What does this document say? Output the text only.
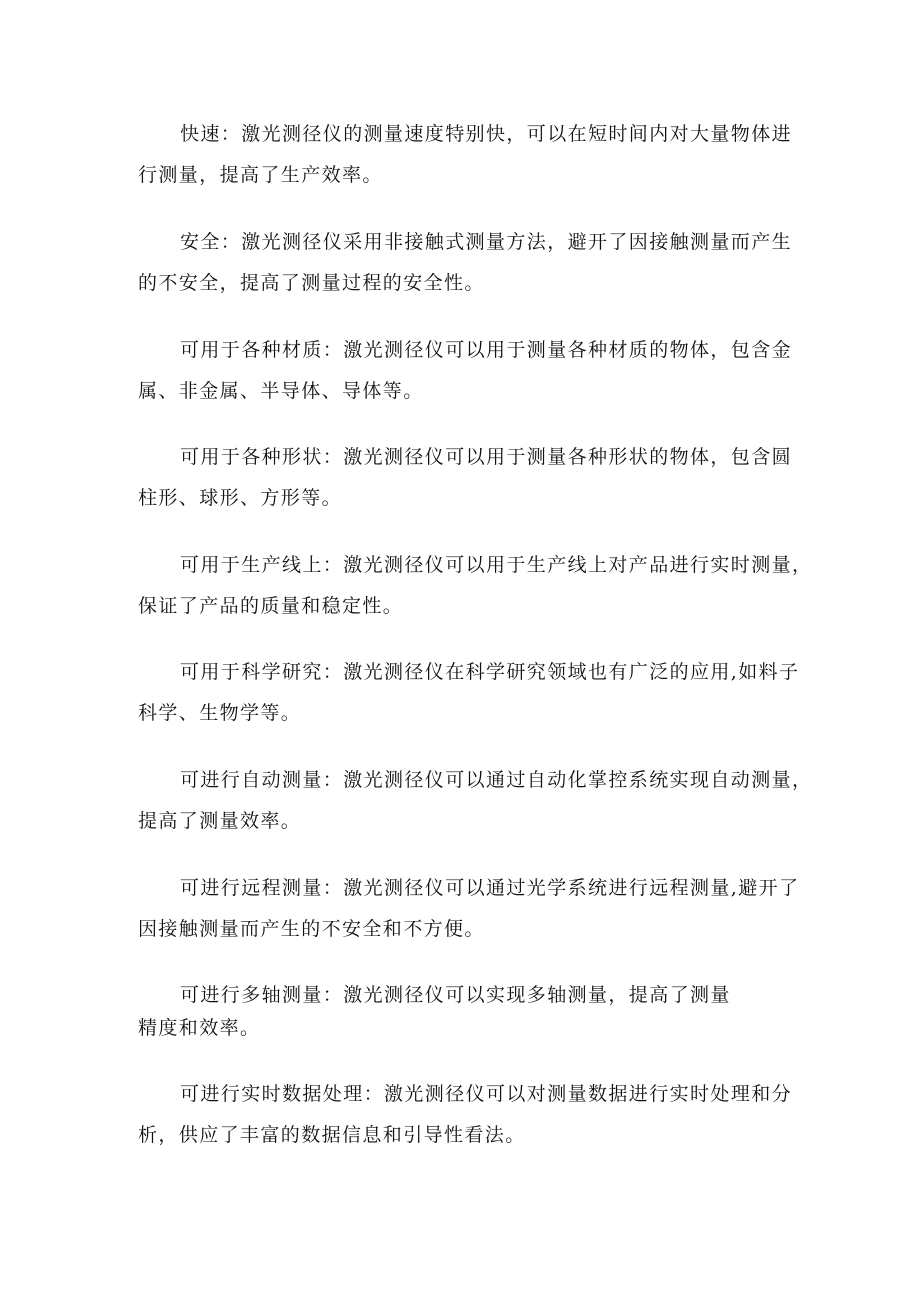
快速：激光测径仪的测量速度特别快，可以在短时间内对大量物体进
行测量，提高了生产效率。
安全：激光测径仪采用非接触式测量方法，避开了因接触测量而产生
的不安全，提高了测量过程的安全性。
可用于各种材质：激光测径仪可以用于测量各种材质的物体，包含金
属、非金属、半导体、导体等。
可用于各种形状：激光测径仪可以用于测量各种形状的物体，包含圆
柱形、球形、方形等。
可用于生产线上：激光测径仪可以用于生产线上对产品进行实时测量，
保证了产品的质量和稳定性。
可用于科学研究：激光测径仪在科学研究领域也有广泛的应用,如料子
科学、生物学等。
可进行自动测量：激光测径仪可以通过自动化掌控系统实现自动测量，
提高了测量效率。
可进行远程测量：激光测径仪可以通过光学系统进行远程测量,避开了
因接触测量而产生的不安全和不方便。
可进行多轴测量：激光测径仪可以实现多轴测量，提高了测量
精度和效率。
可进行实时数据处理：激光测径仪可以对测量数据进行实时处理和分
析，供应了丰富的数据信息和引导性看法。
